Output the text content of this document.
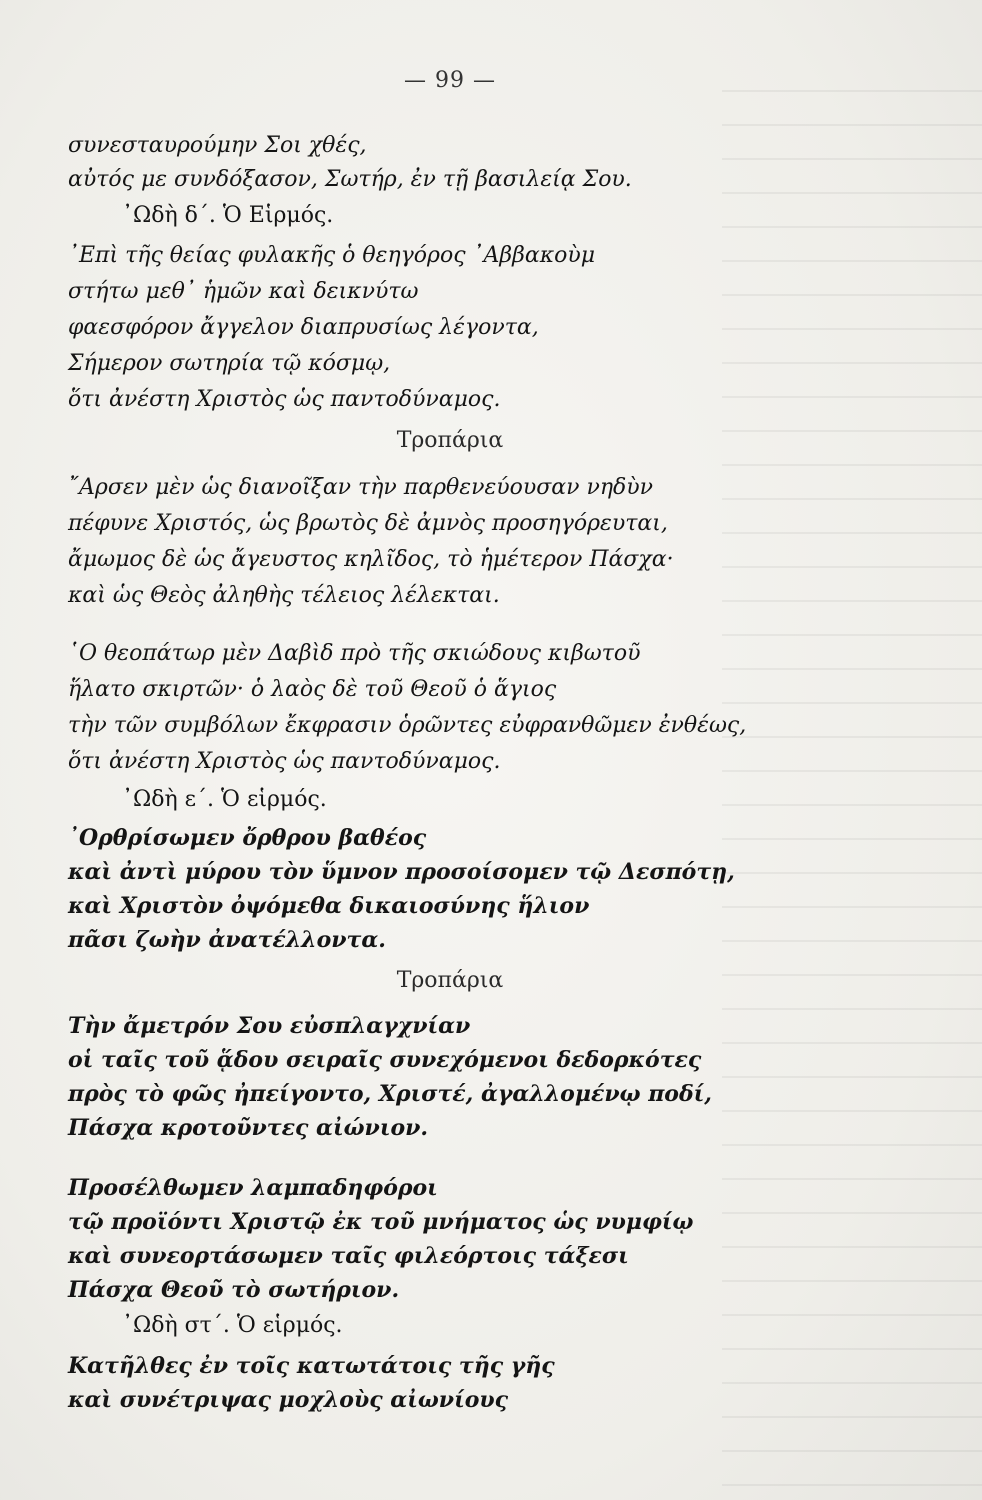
— 99 —
συνεσταυρούμην Σοι χθές,
αὐτός με συνδόξασον, Σωτήρ, ἐν τῇ βασιλείᾳ Σου.
᾿Ωδὴ δ΄. Ὁ Εἱρμός.
᾿Επὶ τῆς θείας φυλακῆς ὁ θεηγόρος ᾿Αββακοὺμ
στήτω μεθ᾿ ἡμῶν καὶ δεικνύτω
φαεσφόρον ἄγγελον διαπρυσίως λέγοντα,
Σήμερον σωτηρία τῷ κόσμῳ,
ὅτι ἀνέστη Χριστὸς ὡς παντοδύναμος.
Τροπάρια
῎Αρσεν μὲν ὡς διανοῖξαν τὴν παρθενεύουσαν νηδὺν
πέφυνε Χριστός, ὡς βρωτὸς δὲ ἀμνὸς προσηγόρευται,
ἄμωμος δὲ ὡς ἄγευστος κηλῖδος, τὸ ἡμέτερον Πάσχα·
καὶ ὡς Θεὸς ἀληθὴς τέλειος λέλεκται.
῾Ο θεοπάτωρ μὲν Δαβὶδ πρὸ τῆς σκιώδους κιβωτοῦ
ἥλατο σκιρτῶν· ὁ λαὸς δὲ τοῦ Θεοῦ ὁ ἅγιος
τὴν τῶν συμβόλων ἔκφρασιν ὁρῶντες εὐφρανθῶμεν ἐνθέως,
ὅτι ἀνέστη Χριστὸς ὡς παντοδύναμος.
᾿Ωδὴ ε΄. Ὁ εἱρμός.
᾿Ορθρίσωμεν ὄρθρου βαθέος
καὶ ἀντὶ μύρου τὸν ὕμνον προσοίσομεν τῷ Δεσπότῃ,
καὶ Χριστὸν ὀψόμεθα δικαιοσύνης ἥλιον
πᾶσι ζωὴν ἀνατέλλοντα.
Τροπάρια
Τὴν ἄμετρόν Σου εὐσπλαγχνίαν
οἱ ταῖς τοῦ ᾅδου σειραῖς συνεχόμενοι δεδορκότες
πρὸς τὸ φῶς ἠπείγοντο, Χριστέ, ἀγαλλομένῳ ποδί,
Πάσχα κροτοῦντες αἰώνιον.
Προσέλθωμεν λαμπαδηφόροι
τῷ προϊόντι Χριστῷ ἐκ τοῦ μνήματος ὡς νυμφίῳ
καὶ συνεορτάσωμεν ταῖς φιλεόρτοις τάξεσι
Πάσχα Θεοῦ τὸ σωτήριον.
᾿Ωδὴ στ΄. Ὁ εἱρμός.
Κατῆλθες ἐν τοῖς κατωτάτοις τῆς γῆς
καὶ συνέτριψας μοχλοὺς αἰωνίους
